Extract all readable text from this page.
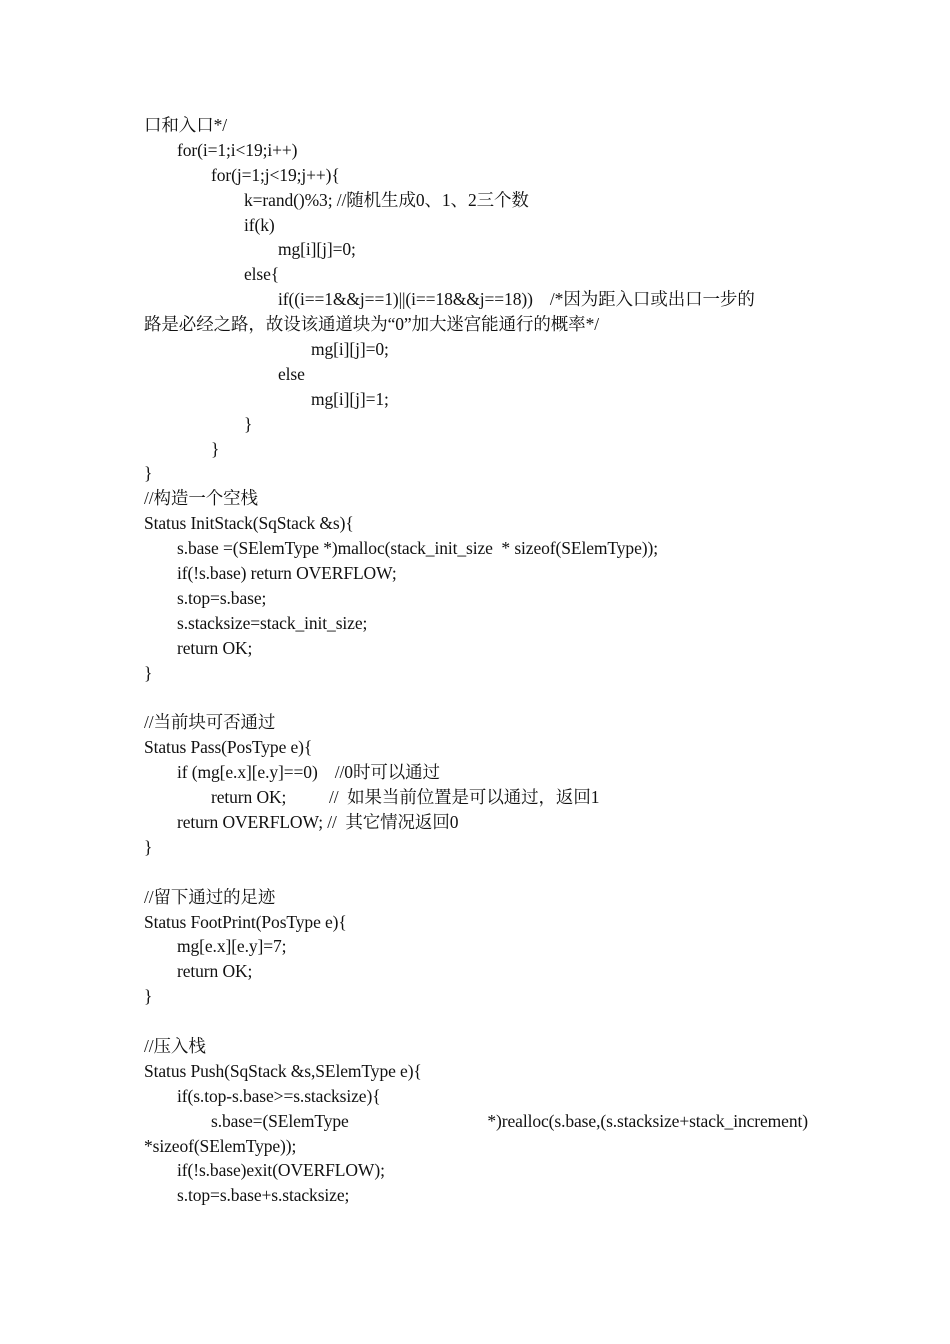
口和入口*/
for(i=1;i<19;i++)
for(j=1;j<19;j++){
k=rand()%3; //随机生成0、1、2三个数
if(k)
mg[i][j]=0;
else{
if((i==1&&j==1)||(i==18&&j==18))    /*因为距入口或出口一步的
路是必经之路，故设该通道块为“0”加大迷宫能通行的概率*/
mg[i][j]=0;
else
mg[i][j]=1;
}
}
}
//构造一个空栈
Status InitStack(SqStack &s){
s.base =(SElemType *)malloc(stack_init_size  * sizeof(SElemType));
if(!s.base) return OVERFLOW;
s.top=s.base;
s.stacksize=stack_init_size;
return OK;
}
//当前块可否通过
Status Pass(PosType e){
if (mg[e.x][e.y]==0)    //0时可以通过
return OK;          //  如果当前位置是可以通过，返回1
return OVERFLOW; //  其它情况返回0
}
//留下通过的足迹
Status FootPrint(PosType e){
mg[e.x][e.y]=7;
return OK;
}
//压入栈
Status Push(SqStack &s,SElemType e){
if(s.top-s.base>=s.stacksize){
s.base=(SElemType	*)realloc(s.base,(s.stacksize+stack_increment)
*sizeof(SElemType));
if(!s.base)exit(OVERFLOW);
s.top=s.base+s.stacksize;
